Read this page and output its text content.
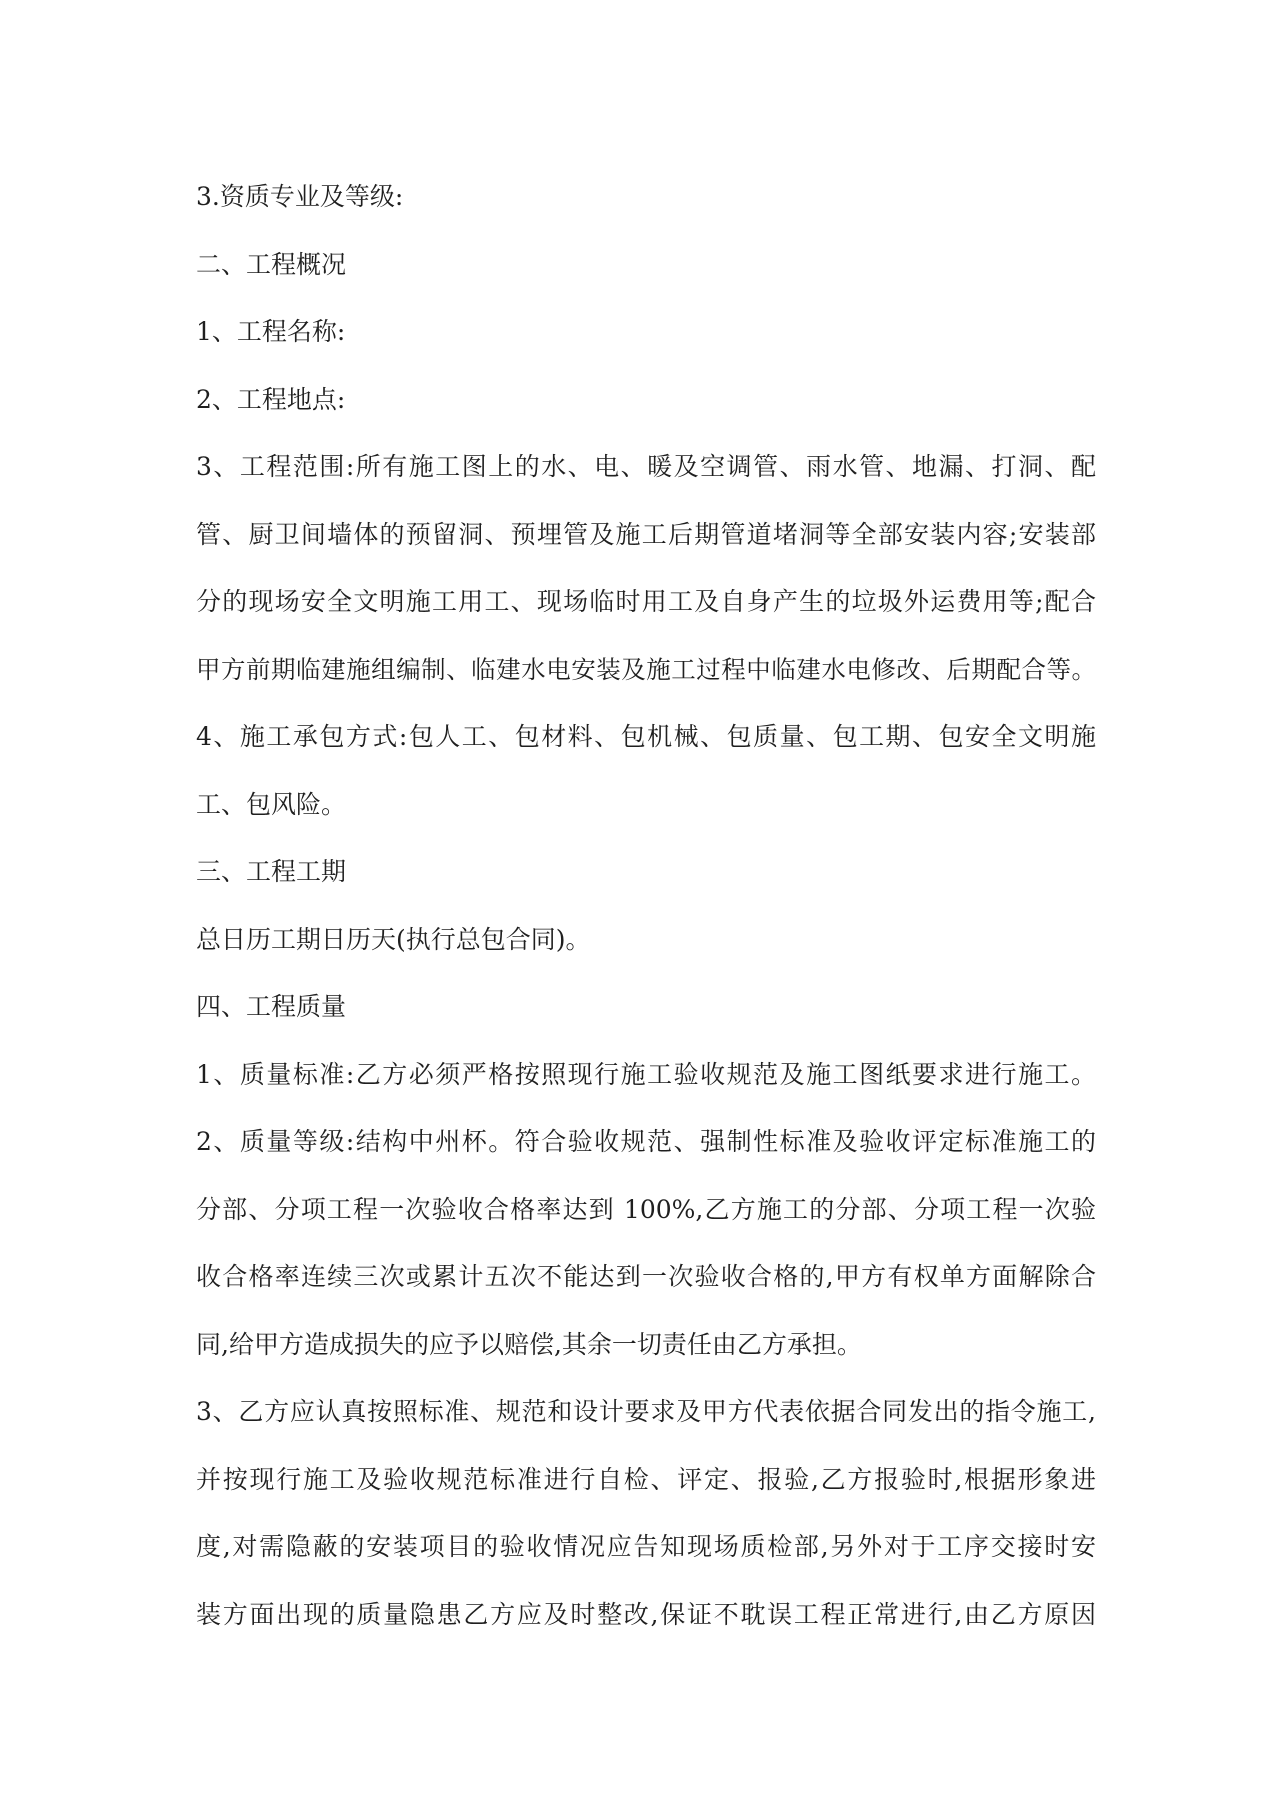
3.资质专业及等级:
二、工程概况
1、工程名称:
2、工程地点:
3、工程范围:所有施工图上的水、电、暖及空调管、雨水管、地漏、打洞、配
管、厨卫间墙体的预留洞、预埋管及施工后期管道堵洞等全部安装内容;安装部
分的现场安全文明施工用工、现场临时用工及自身产生的垃圾外运费用等;配合
甲方前期临建施组编制、临建水电安装及施工过程中临建水电修改、后期配合等。
4、施工承包方式:包人工、包材料、包机械、包质量、包工期、包安全文明施
工、包风险。
三、工程工期
总日历工期日历天(执行总包合同)。
四、工程质量
1、质量标准:乙方必须严格按照现行施工验收规范及施工图纸要求进行施工。
2、质量等级:结构中州杯。符合验收规范、强制性标准及验收评定标准施工的
分部、分项工程一次验收合格率达到 100%,乙方施工的分部、分项工程一次验
收合格率连续三次或累计五次不能达到一次验收合格的,甲方有权单方面解除合
同,给甲方造成损失的应予以赔偿,其余一切责任由乙方承担。
3、乙方应认真按照标准、规范和设计要求及甲方代表依据合同发出的指令施工,
并按现行施工及验收规范标准进行自检、评定、报验,乙方报验时,根据形象进
度,对需隐蔽的安装项目的验收情况应告知现场质检部,另外对于工序交接时安
装方面出现的质量隐患乙方应及时整改,保证不耽误工程正常进行,由乙方原因
